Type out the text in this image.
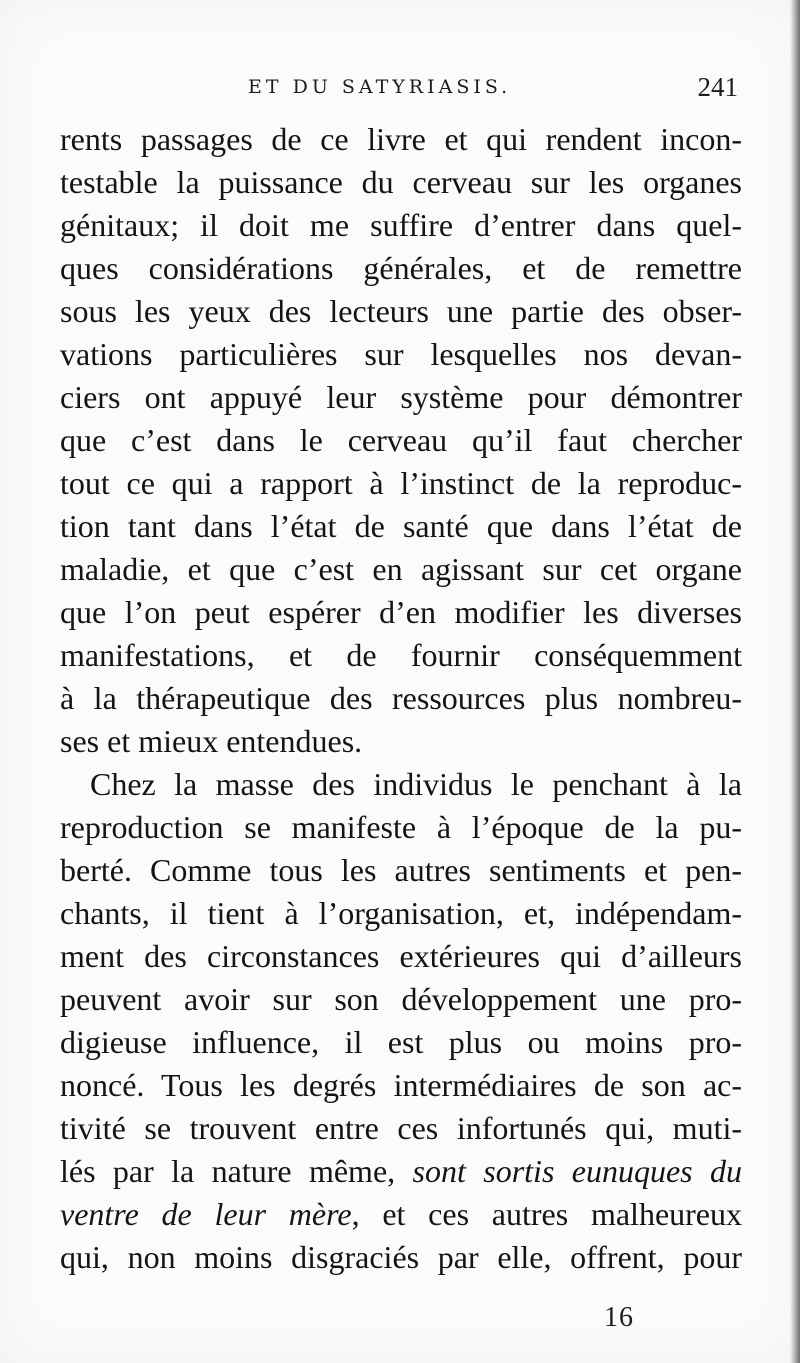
ET DU SATYRIASIS.	241
rents passages de ce livre et qui rendent incon-
testable la puissance du cerveau sur les organes
génitaux; il doit me suffire d’entrer dans quel-
ques considérations générales, et de remettre
sous les yeux des lecteurs une partie des obser-
vations particulières sur lesquelles nos devan-
ciers ont appuyé leur système pour démontrer
que c’est dans le cerveau qu’il faut chercher
tout ce qui a rapport à l’instinct de la reproduc-
tion tant dans l’état de santé que dans l’état de
maladie, et que c’est en agissant sur cet organe
que l’on peut espérer d’en modifier les diverses
manifestations, et de fournir conséquemment
à la thérapeutique des ressources plus nombreu-
ses et mieux entendues.
Chez la masse des individus le penchant à la
reproduction se manifeste à l’époque de la pu-
berté. Comme tous les autres sentiments et pen-
chants, il tient à l’organisation, et, indépendam-
ment des circonstances extérieures qui d’ailleurs
peuvent avoir sur son développement une pro-
digieuse influence, il est plus ou moins pro-
noncé. Tous les degrés intermédiaires de son ac-
tivité se trouvent entre ces infortunés qui, muti-
lés par la nature même, sont sortis eunuques du
ventre de leur mère, et ces autres malheureux
qui, non moins disgraciés par elle, offrent, pour
16
